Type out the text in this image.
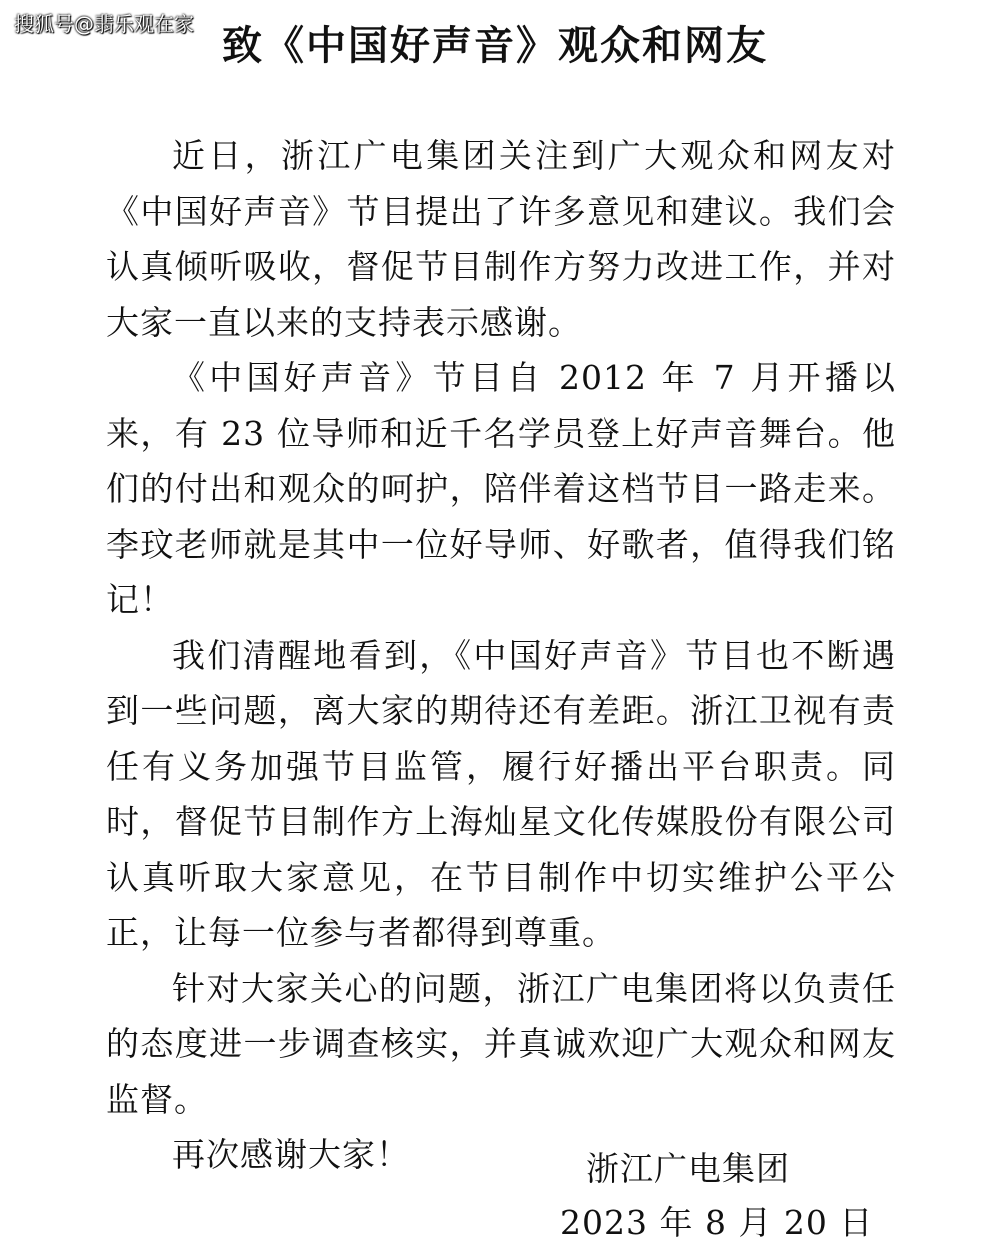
搜狐号@翡乐观在家 致《中国好声音》观众和网友

近日，浙江广电集团关注到广大观众和网友对《中国好声音》节目提出了许多意见和建议。我们会认真倾听吸收，督促节目制作方努力改进工作，并对大家一直以来的支持表示感谢。

《中国好声音》节目自 2012 年 7 月开播以来，有 23 位导师和近千名学员登上好声音舞台。他们的付出和观众的呵护，陪伴着这档节目一路走来。李玟老师就是其中一位好导师、好歌者，值得我们铭记！

我们清醒地看到，《中国好声音》节目也不断遇到一些问题，离大家的期待还有差距。浙江卫视有责任有义务加强节目监管，履行好播出平台职责。同时，督促节目制作方上海灿星文化传媒股份有限公司认真听取大家意见，在节目制作中切实维护公平公正，让每一位参与者都得到尊重。

针对大家关心的问题，浙江广电集团将以负责任的态度进一步调查核实，并真诚欢迎广大观众和网友监督。

再次感谢大家！	浙江广电集团
2023 年 8 月 20 日
